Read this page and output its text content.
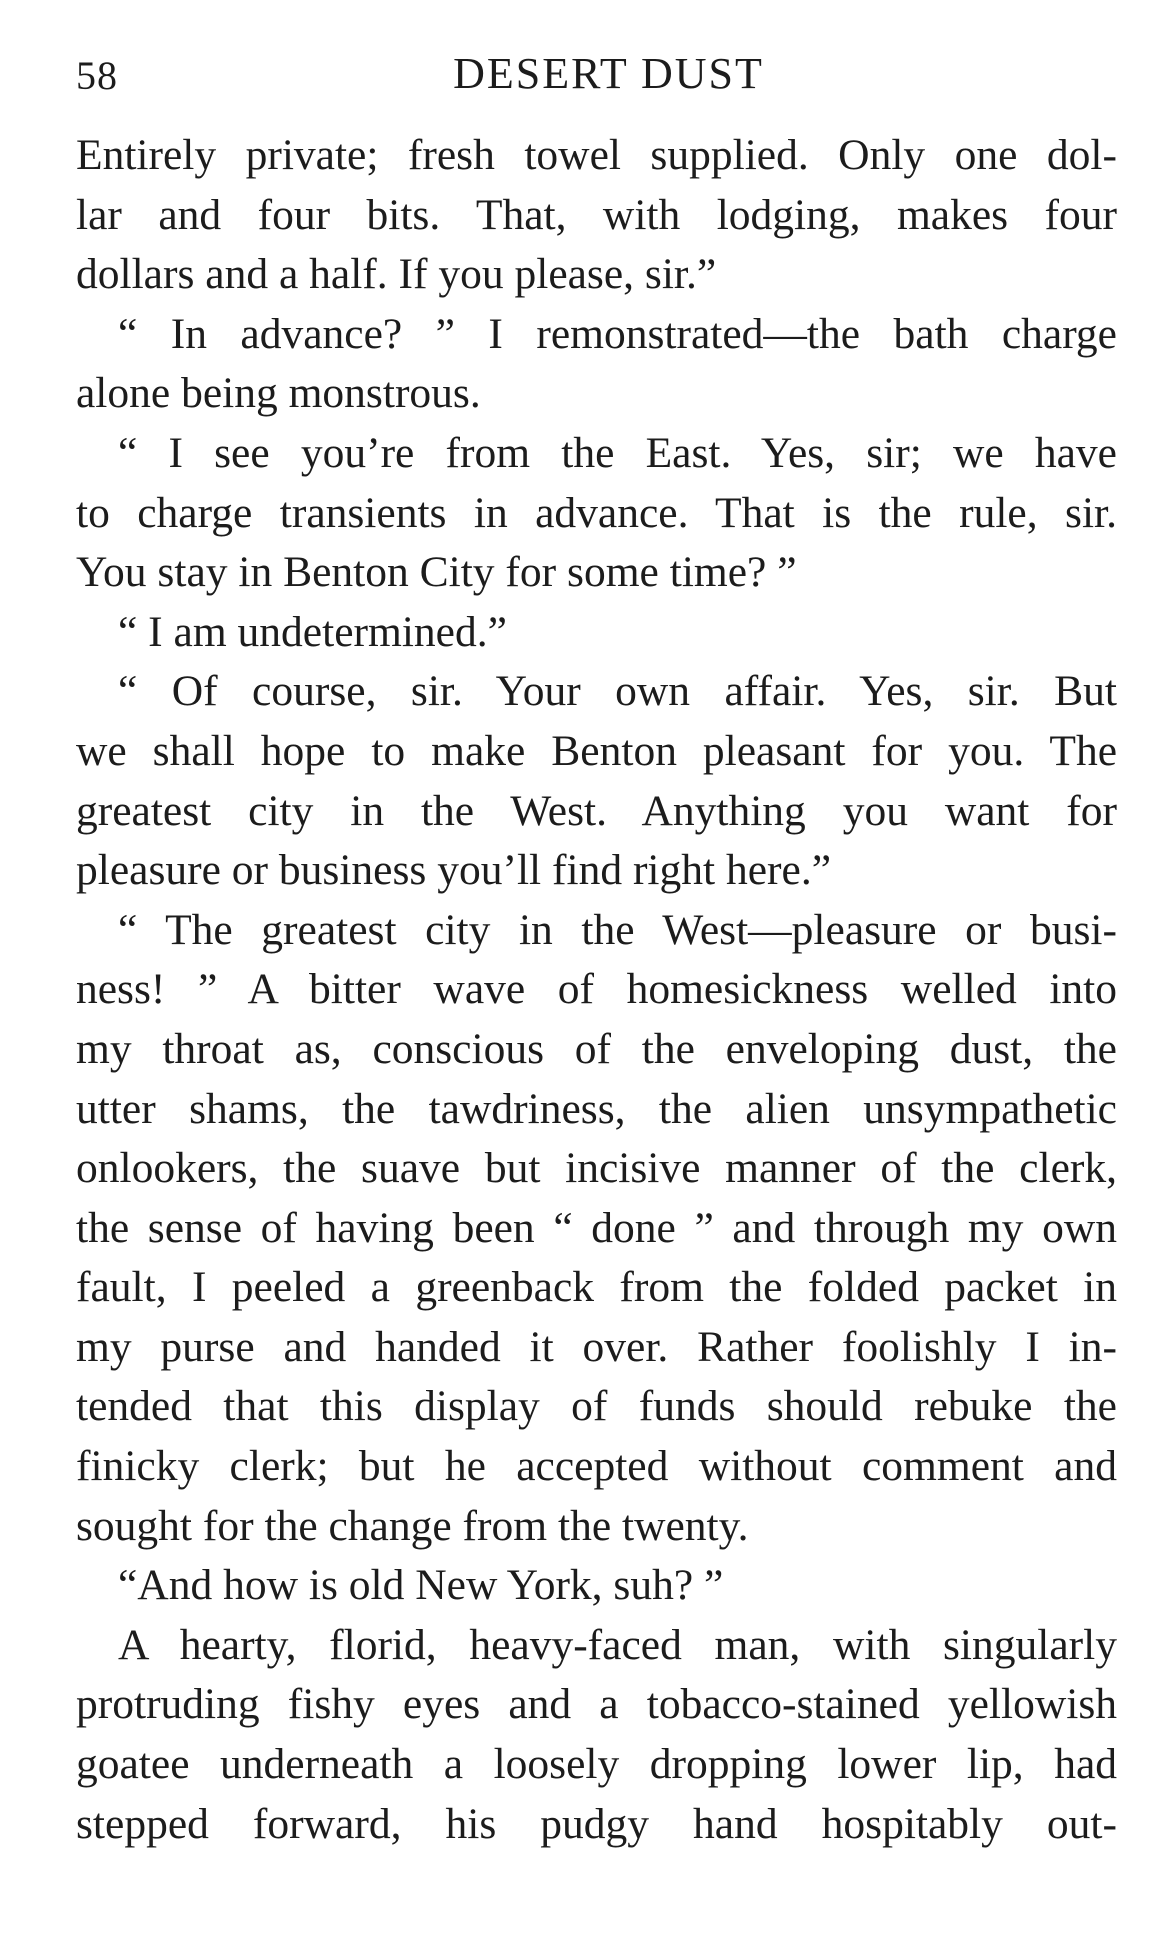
58	DESERT DUST
Entirely private; fresh towel supplied. Only one dol-
lar and four bits. That, with lodging, makes four
dollars and a half. If you please, sir.”
“ In advance? ” I remonstrated—the bath charge
alone being monstrous.
“ I see you’re from the East. Yes, sir; we have
to charge transients in advance. That is the rule, sir.
You stay in Benton City for some time? ”
“ I am undetermined.”
“ Of course, sir. Your own affair. Yes, sir. But
we shall hope to make Benton pleasant for you. The
greatest city in the West. Anything you want for
pleasure or business you’ll find right here.”
“ The greatest city in the West—pleasure or busi-
ness! ” A bitter wave of homesickness welled into
my throat as, conscious of the enveloping dust, the
utter shams, the tawdriness, the alien unsympathetic
onlookers, the suave but incisive manner of the clerk,
the sense of having been “ done ” and through my own
fault, I peeled a greenback from the folded packet in
my purse and handed it over. Rather foolishly I in-
tended that this display of funds should rebuke the
finicky clerk; but he accepted without comment and
sought for the change from the twenty.
“And how is old New York, suh? ”
A hearty, florid, heavy-faced man, with singularly
protruding fishy eyes and a tobacco-stained yellowish
goatee underneath a loosely dropping lower lip, had
stepped forward, his pudgy hand hospitably out-
